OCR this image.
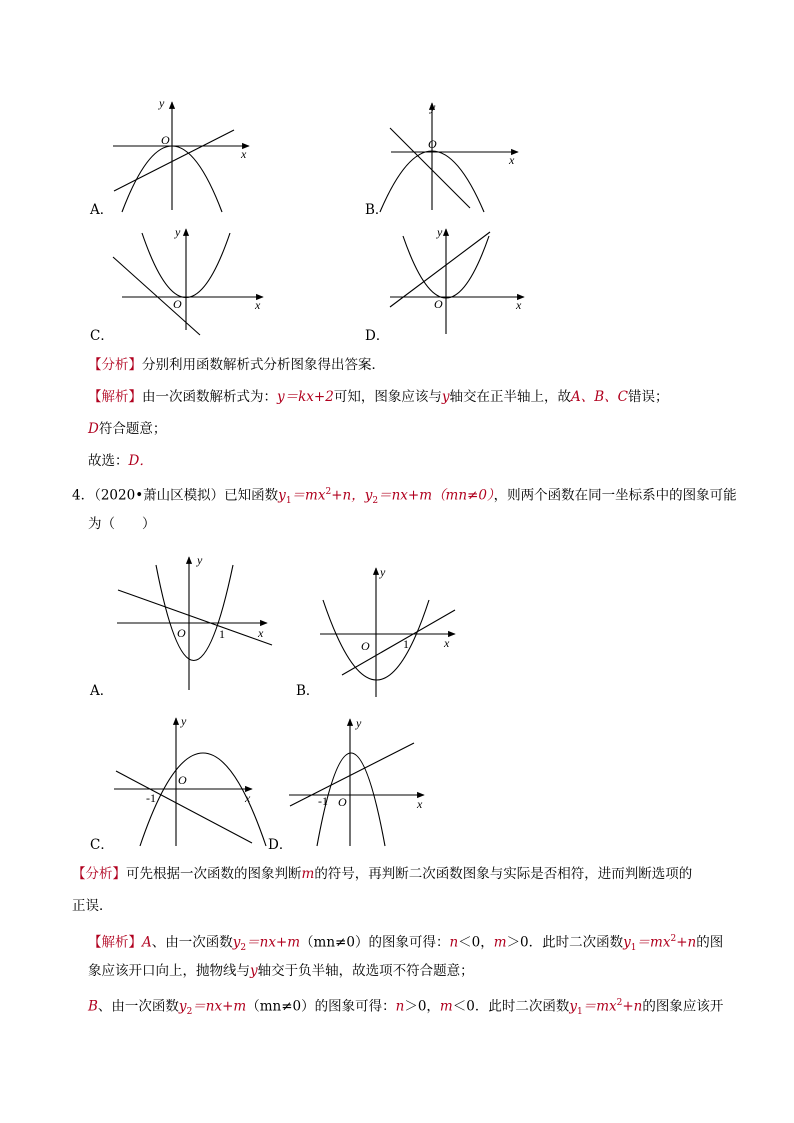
y
x
O
y
x
O
y
x
O
y
x
O
A．	B．
C．	D．
【分析】分别利用函数解析式分析图象得出答案．
【解析】由一次函数解析式为：y＝kx+2可知，图象应该与y轴交在正半轴上，故A、B、C错误；
D符合题意；
故选：D．
4．（2020•萧山区模拟）已知函数$y_1=mx^2+n$，$y_2=nx+m(mn\ne 0)$，则两个函数在同一坐标系中的图象可能
为（　　）
y
x
O	1
y
x
O	1
y
x
O
-1
y
x
O
-1
A．	B．
C．	D．
【分析】可先根据一次函数的图象判断m的符号，再判断二次函数图象与实际是否相符，进而判断选项的
正误．
【解析】A、由一次函数$y_2=nx+m(mn\ne 0)$的图象可得：n＜0，m＞0．此时二次函数$y_1=mx^2+n$的图
象应该开口向上，抛物线与y轴交于负半轴，故选项不符合题意；
B、由一次函数$y_2=nx+m(mn\ne 0)$的图象可得：n＞0，m＜0．此时二次函数$y_1=mx^2+n$的图象应该开
